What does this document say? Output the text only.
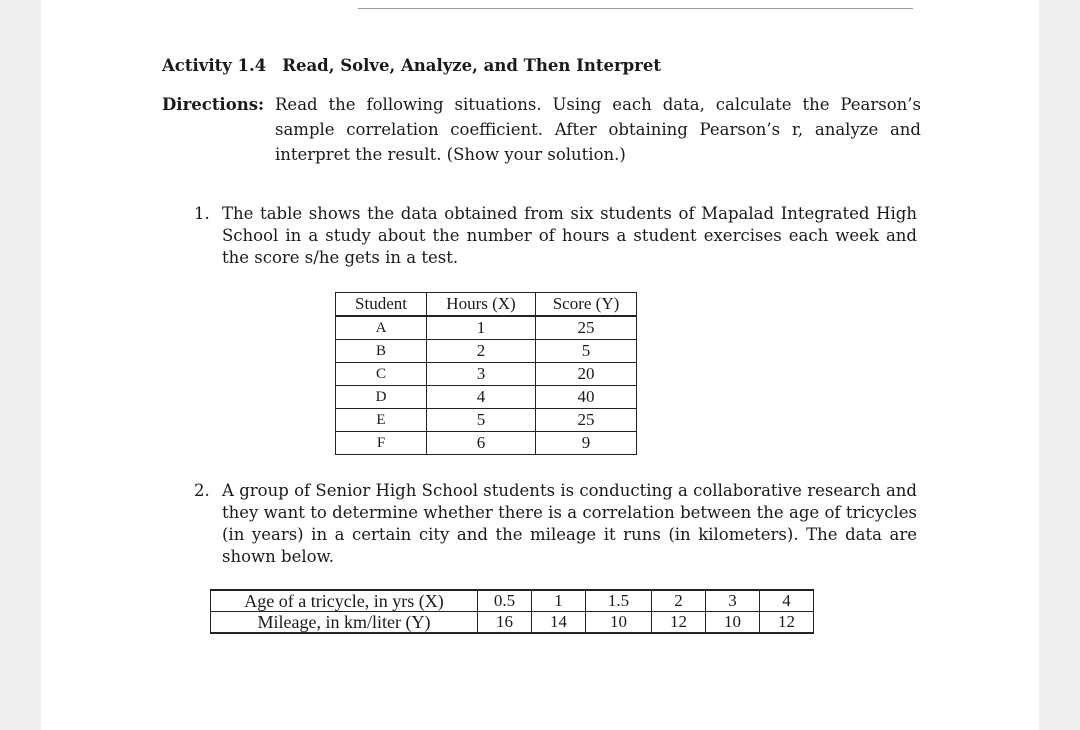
Activity 1.4 Read, Solve, Analyze, and Then Interpret
Directions: Read the following situations. Using each data, calculate the Pearson’s sample correlation coefficient. After obtaining Pearson’s r, analyze and interpret the result. (Show your solution.)
1. The table shows the data obtained from six students of Mapalad Integrated High School in a study about the number of hours a student exercises each week and the score s/he gets in a test.
Student	Hours (X)	Score (Y)
A	1	25
B	2	5
C	3	20
D	4	40
E	5	25
F	6	9
2. A group of Senior High School students is conducting a collaborative research and they want to determine whether there is a correlation between the age of tricycles (in years) in a certain city and the mileage it runs (in kilometers). The data are shown below.
Age of a tricycle, in yrs (X)	0.5	1	1.5	2	3	4
Mileage, in km/liter (Y)	16	14	10	12	10	12
